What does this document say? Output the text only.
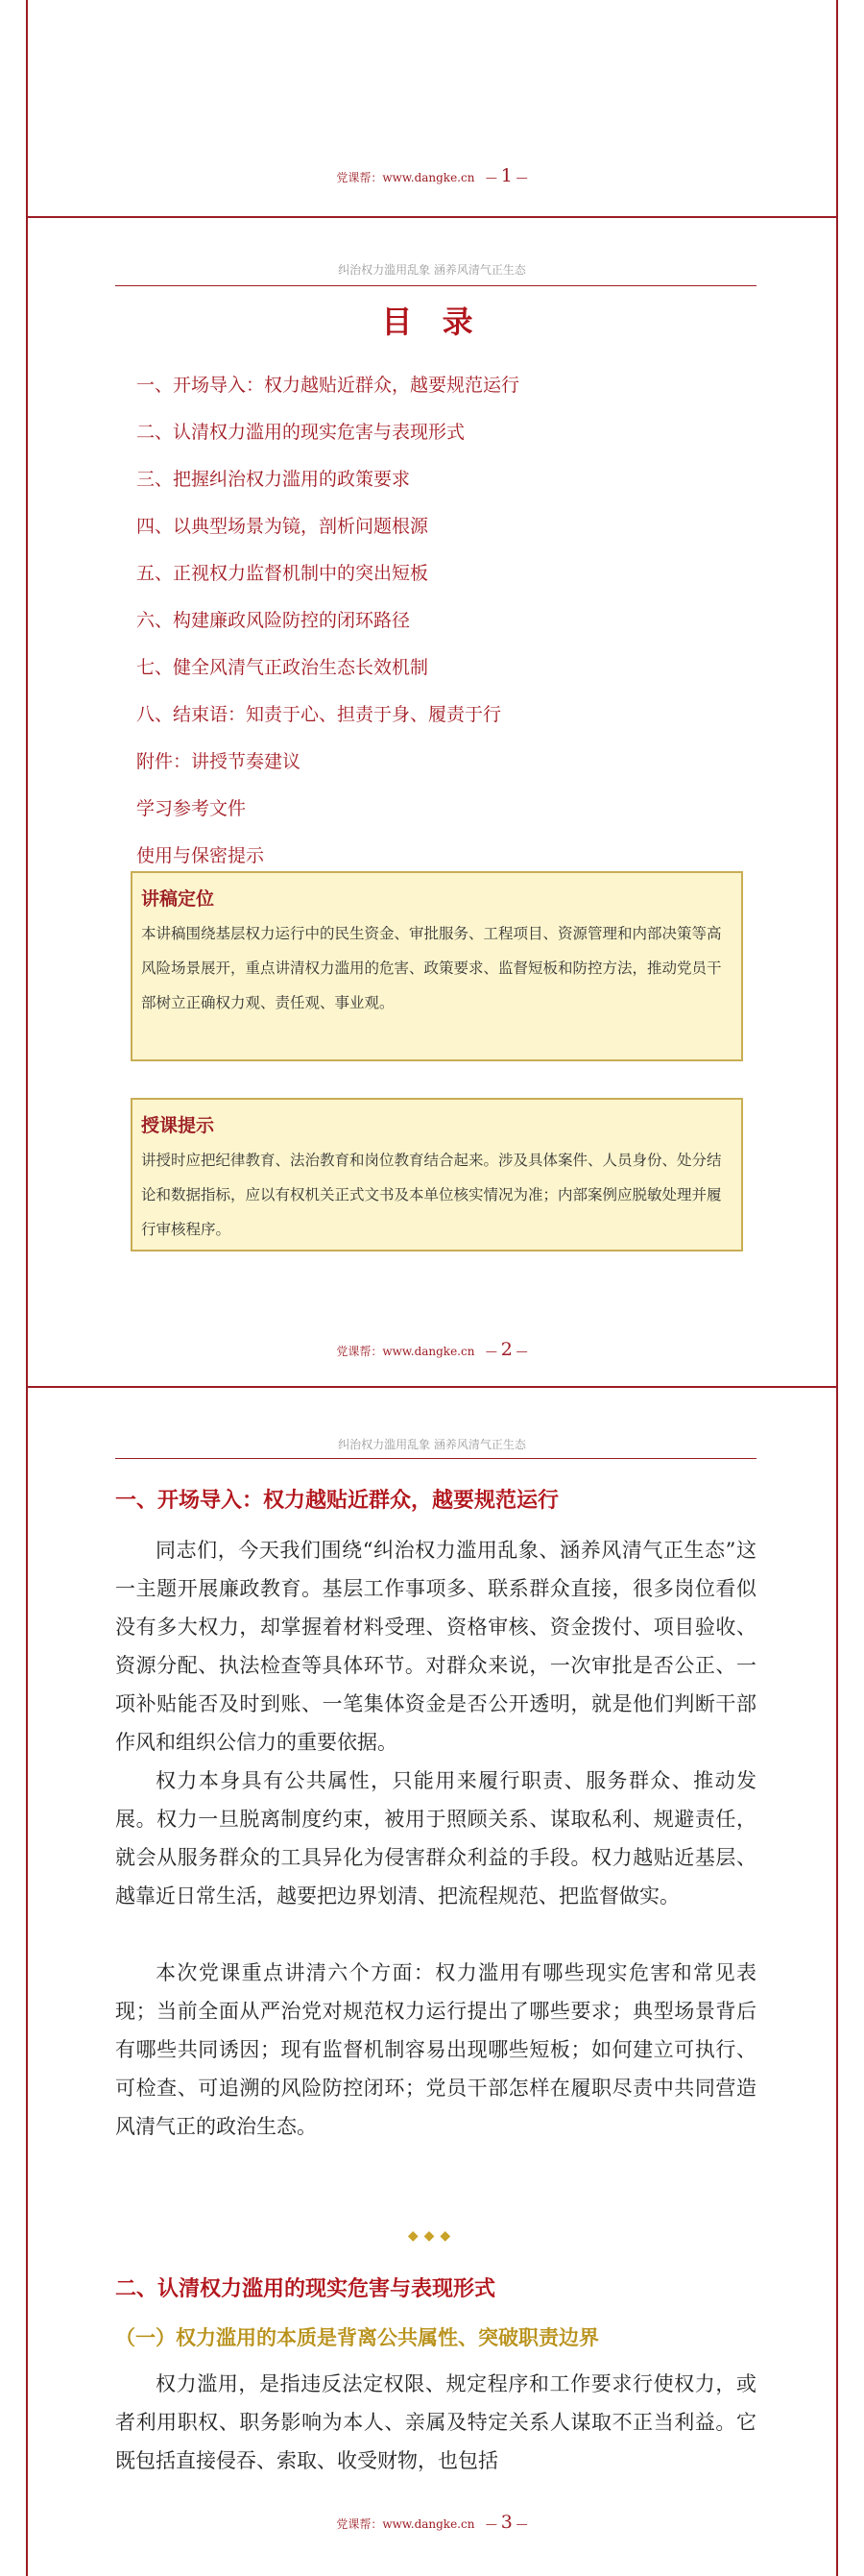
党课帮：www.dangke.cn   — 1 —
纠治权力滥用乱象 涵养风清气正生态
目 录
一、开场导入：权力越贴近群众，越要规范运行
二、认清权力滥用的现实危害与表现形式
三、把握纠治权力滥用的政策要求
四、以典型场景为镜，剖析问题根源
五、正视权力监督机制中的突出短板
六、构建廉政风险防控的闭环路径
七、健全风清气正政治生态长效机制
八、结束语：知责于心、担责于身、履责于行
附件：讲授节奏建议
学习参考文件
使用与保密提示
讲稿定位
本讲稿围绕基层权力运行中的民生资金、审批服务、工程项目、资源管理和内部决策等高风险场景展开，重点讲清权力滥用的危害、政策要求、监督短板和防控方法，推动党员干部树立正确权力观、责任观、事业观。
授课提示
讲授时应把纪律教育、法治教育和岗位教育结合起来。涉及具体案件、人员身份、处分结论和数据指标，应以有权机关正式文书及本单位核实情况为准；内部案例应脱敏处理并履行审核程序。
党课帮：www.dangke.cn   — 2 —
纠治权力滥用乱象 涵养风清气正生态
一、开场导入：权力越贴近群众，越要规范运行

同志们，今天我们围绕“纠治权力滥用乱象、涵养风清气正生态”这一主题开展廉政教育。基层工作事项多、联系群众直接，很多岗位看似没有多大权力，却掌握着材料受理、资格审核、资金拨付、项目验收、资源分配、执法检查等具体环节。对群众来说，一次审批是否公正、一项补贴能否及时到账、一笔集体资金是否公开透明，就是他们判断干部作风和组织公信力的重要依据。

权力本身具有公共属性，只能用来履行职责、服务群众、推动发展。权力一旦脱离制度约束，被用于照顾关系、谋取私利、规避责任，就会从服务群众的工具异化为侵害群众利益的手段。权力越贴近基层、越靠近日常生活，越要把边界划清、把流程规范、把监督做实。

本次党课重点讲清六个方面：权力滥用有哪些现实危害和常见表现；当前全面从严治党对规范权力运行提出了哪些要求；典型场景背后有哪些共同诱因；现有监督机制容易出现哪些短板；如何建立可执行、可检查、可追溯的风险防控闭环；党员干部怎样在履职尽责中共同营造风清气正的政治生态。

◆◆◆
二、认清权力滥用的现实危害与表现形式
（一）权力滥用的本质是背离公共属性、突破职责边界

权力滥用，是指违反法定权限、规定程序和工作要求行使权力，或者利用职权、职务影响为本人、亲属及特定关系人谋取不正当利益。它既包括直接侵吞、索取、收受财物，也包括

党课帮：www.dangke.cn   — 3 —
